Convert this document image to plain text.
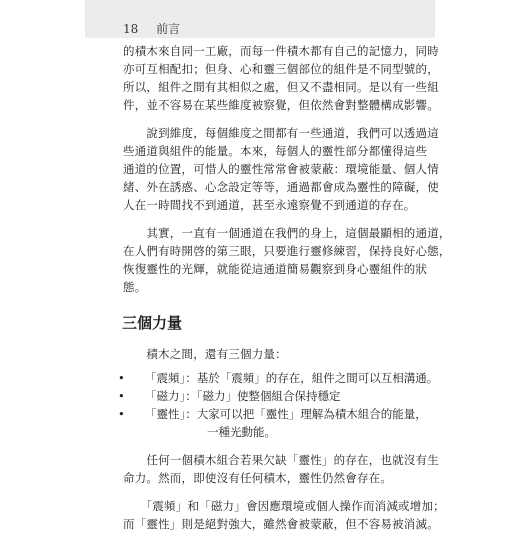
18 前言
的積木來自同一工廠，而每一件積木都有自己的記憶力，同時
亦可互相配扣；但身、心和靈三個部位的組件是不同型號的，
所以，組件之間有其相似之處，但又不盡相同。是以有一些組
件，並不容易在某些維度被察覺，但依然會對整體構成影響。
　　說到維度，每個維度之間都有一些通道，我們可以透過這
些通道與組件的能量。本來，每個人的靈性部分都懂得這些
通道的位置，可惜人的靈性常常會被蒙蔽：環境能量、個人情
緒、外在誘惑、心念設定等等，通過都會成為靈性的障礙，使
人在一時間找不到通道，甚至永遠察覺不到通道的存在。
　　其實，一直有一個通道在我們的身上，這個最顯相的通道，
在人們有時開啓的第三眼，只要進行靈修練習，保持良好心態，
恢復靈性的光輝，就能從這通道簡易觀察到身心靈組件的狀
態。
三個力量
　　積木之間，還有三個力量：
• 「震頻」：基於「震頻」的存在，組件之間可以互相溝通。
• 「磁力」：「磁力」使整個組合保持穩定
• 「靈性」：大家可以把「靈性」理解為積木組合的能量，
一種光動能。
　　任何一個積木組合若果欠缺「靈性」的存在，也就沒有生
命力。然而，即使沒有任何積木，靈性仍然會存在。
　　「震頻」和「磁力」會因應環境或個人操作而消減或增加；
而「靈性」則是絕對強大，雖然會被蒙蔽，但不容易被消滅。
